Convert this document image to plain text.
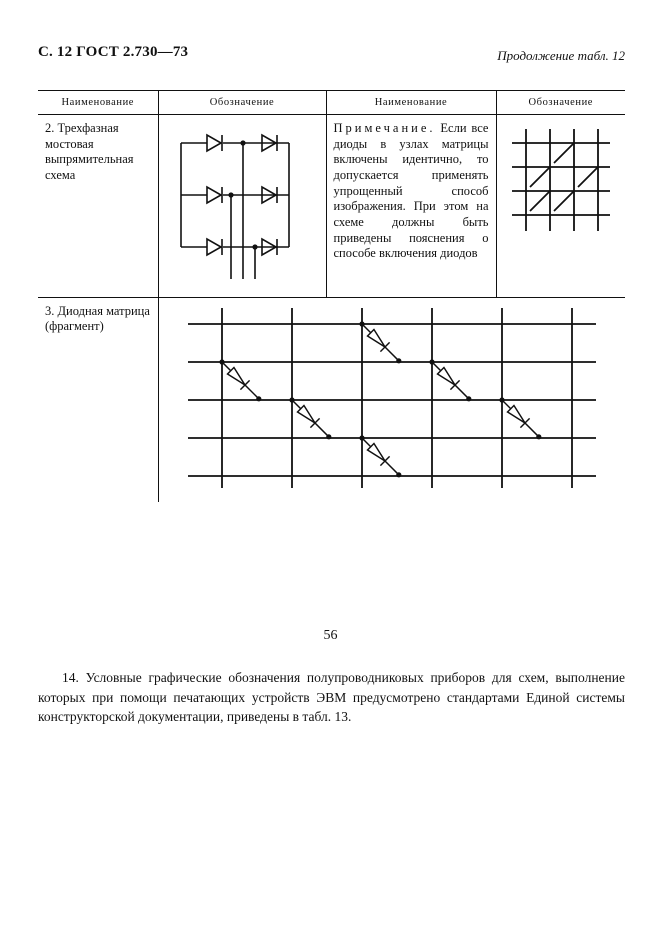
С. 12 ГОСТ 2.730—73	Продолжение табл. 12
Наименование	Обозначение	Наименование	Обозначение
2. Трехфазная мостовая выпрямительная схема		Примечание. Если все диоды в узлах матрицы включены идентично, то допускается применять упрощенный способ изображения. При этом на схеме должны быть приведены пояснения о способе включения диодов	
3. Диодная матрица (фрагмент)	
56
14. Условные графические обозначения полупроводниковых приборов для схем, выполнение которых при помощи печатающих устройств ЭВМ предусмотрено стандартами Единой системы конструкторской документации, приведены в табл. 13.
